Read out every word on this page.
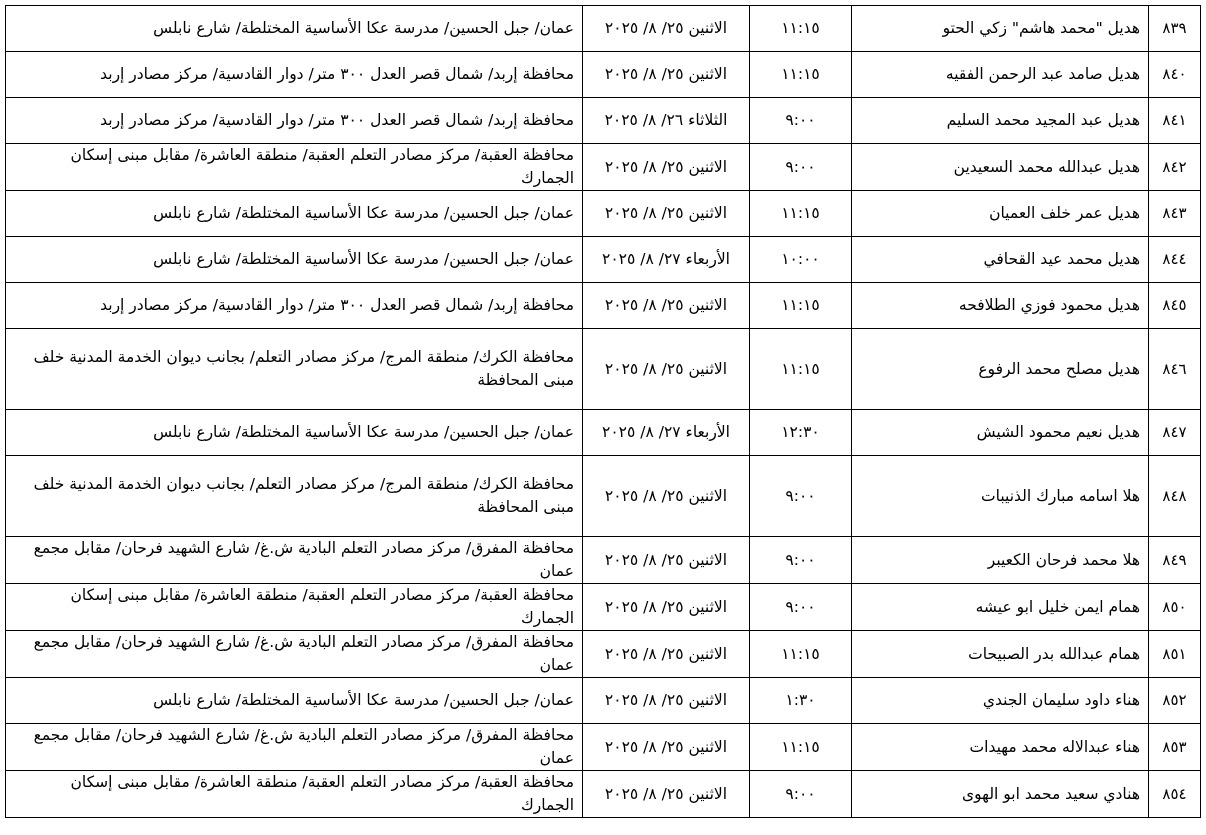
٨٣٩	هديل "محمد هاشم" زكي الحتو	١١:١٥	الاثنين ٢٥/ ٨/ ٢٠٢٥	عمان/ جبل الحسين/ مدرسة عكا الأساسية المختلطة/ شارع نابلس
٨٤٠	هديل صامد عبد الرحمن الفقيه	١١:١٥	الاثنين ٢٥/ ٨/ ٢٠٢٥	محافظة إربد/ شمال قصر العدل ٣٠٠ متر/ دوار القادسية/ مركز مصادر إربد
٨٤١	هديل عبد المجيد محمد السليم	٩:٠٠	الثلاثاء ٢٦/ ٨/ ٢٠٢٥	محافظة إربد/ شمال قصر العدل ٣٠٠ متر/ دوار القادسية/ مركز مصادر إربد
٨٤٢	هديل عبدالله محمد السعيدين	٩:٠٠	الاثنين ٢٥/ ٨/ ٢٠٢٥	محافظة العقبة/ مركز مصادر التعلم العقبة/ منطقة العاشرة/ مقابل مبنى إسكان الجمارك
٨٤٣	هديل عمر خلف العميان	١١:١٥	الاثنين ٢٥/ ٨/ ٢٠٢٥	عمان/ جبل الحسين/ مدرسة عكا الأساسية المختلطة/ شارع نابلس
٨٤٤	هديل محمد عيد القحافي	١٠:٠٠	الأربعاء ٢٧/ ٨/ ٢٠٢٥	عمان/ جبل الحسين/ مدرسة عكا الأساسية المختلطة/ شارع نابلس
٨٤٥	هديل محمود فوزي الطلافحه	١١:١٥	الاثنين ٢٥/ ٨/ ٢٠٢٥	محافظة إربد/ شمال قصر العدل ٣٠٠ متر/ دوار القادسية/ مركز مصادر إربد
٨٤٦	هديل مصلح محمد الرفوع	١١:١٥	الاثنين ٢٥/ ٨/ ٢٠٢٥	محافظة الكرك/ منطقة المرج/ مركز مصادر التعلم/ بجانب ديوان الخدمة المدنية خلف مبنى المحافظة
٨٤٧	هديل نعيم محمود الشيش	١٢:٣٠	الأربعاء ٢٧/ ٨/ ٢٠٢٥	عمان/ جبل الحسين/ مدرسة عكا الأساسية المختلطة/ شارع نابلس
٨٤٨	هلا اسامه مبارك الذنيبات	٩:٠٠	الاثنين ٢٥/ ٨/ ٢٠٢٥	محافظة الكرك/ منطقة المرج/ مركز مصادر التعلم/ بجانب ديوان الخدمة المدنية خلف مبنى المحافظة
٨٤٩	هلا محمد فرحان الكعيبر	٩:٠٠	الاثنين ٢٥/ ٨/ ٢٠٢٥	محافظة المفرق/ مركز مصادر التعلم البادية ش.غ/ شارع الشهيد فرحان/ مقابل مجمع عمان
٨٥٠	همام ايمن خليل ابو عيشه	٩:٠٠	الاثنين ٢٥/ ٨/ ٢٠٢٥	محافظة العقبة/ مركز مصادر التعلم العقبة/ منطقة العاشرة/ مقابل مبنى إسكان الجمارك
٨٥١	همام عبدالله بدر الصبيحات	١١:١٥	الاثنين ٢٥/ ٨/ ٢٠٢٥	محافظة المفرق/ مركز مصادر التعلم البادية ش.غ/ شارع الشهيد فرحان/ مقابل مجمع عمان
٨٥٢	هناء داود سليمان الجندي	١:٣٠	الاثنين ٢٥/ ٨/ ٢٠٢٥	عمان/ جبل الحسين/ مدرسة عكا الأساسية المختلطة/ شارع نابلس
٨٥٣	هناء عبدالاله محمد مهيدات	١١:١٥	الاثنين ٢٥/ ٨/ ٢٠٢٥	محافظة المفرق/ مركز مصادر التعلم البادية ش.غ/ شارع الشهيد فرحان/ مقابل مجمع عمان
٨٥٤	هنادي سعيد محمد ابو الهوى	٩:٠٠	الاثنين ٢٥/ ٨/ ٢٠٢٥	محافظة العقبة/ مركز مصادر التعلم العقبة/ منطقة العاشرة/ مقابل مبنى إسكان الجمارك
